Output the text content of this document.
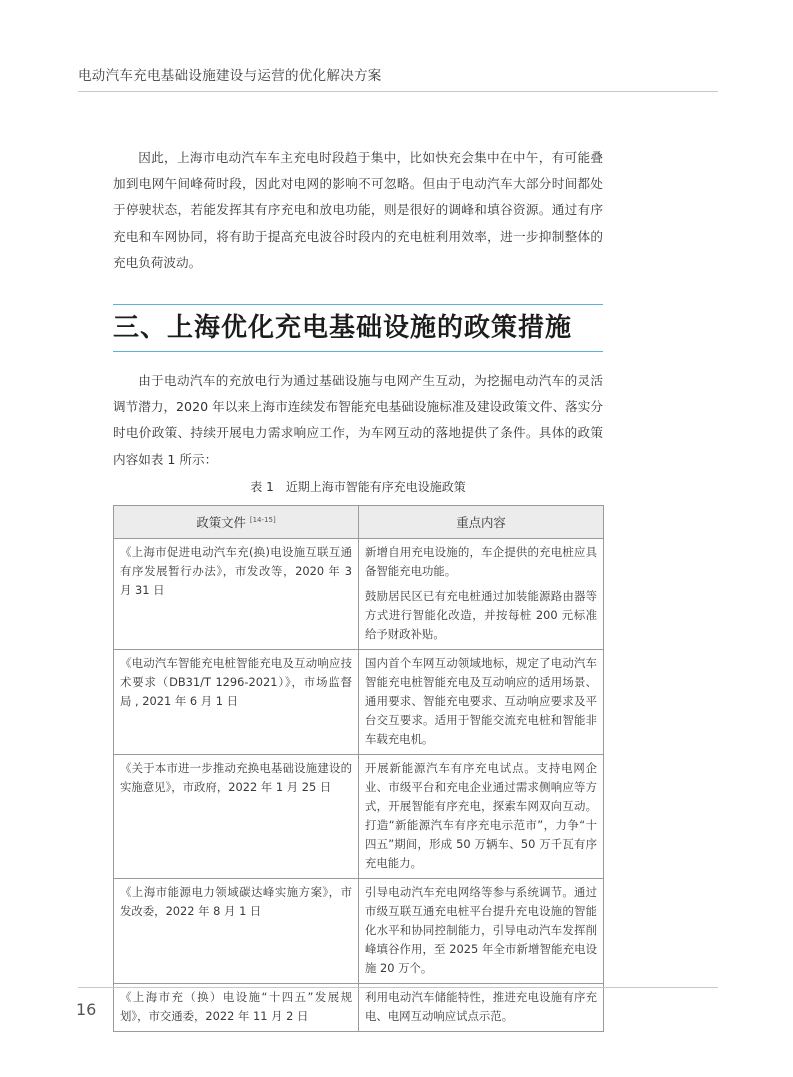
电动汽车充电基础设施建设与运营的优化解决方案

因此，上海市电动汽车车主充电时段趋于集中，比如快充会集中在中午，有可能叠加到电网午间峰荷时段，因此对电网的影响不可忽略。但由于电动汽车大部分时间都处于停驶状态，若能发挥其有序充电和放电功能，则是很好的调峰和填谷资源。通过有序充电和车网协同，将有助于提高充电波谷时段内的充电桩利用效率，进一步抑制整体的充电负荷波动。

三、上海优化充电基础设施的政策措施

由于电动汽车的充放电行为通过基础设施与电网产生互动，为挖掘电动汽车的灵活调节潜力，2020 年以来上海市连续发布智能充电基础设施标准及建设政策文件、落实分时电价政策、持续开展电力需求响应工作，为车网互动的落地提供了条件。具体的政策内容如表 1 所示：

表 1　近期上海市智能有序充电设施政策
政策文件 [14-15]	重点内容
《上海市促进电动汽车充(换)电设施互联互通有序发展暂行办法》，市发改等，2020 年 3 月 31 日	新增自用充电设施的，车企提供的充电桩应具备智能充电功能。

鼓励居民区已有充电桩通过加装能源路由器等方式进行智能化改造，并按每桩 200 元标准给予财政补贴。

《电动汽车智能充电桩智能充电及互动响应技术要求（DB31/T 1296-2021）》，市场监督局 , 2021 年 6 月 1 日	国内首个车网互动领域地标，规定了电动汽车智能充电桩智能充电及互动响应的适用场景、通用要求、智能充电要求、互动响应要求及平台交互要求。适用于智能交流充电桩和智能非车载充电机。

《关于本市进一步推动充换电基础设施建设的实施意见》，市政府，2022 年 1 月 25 日	开展新能源汽车有序充电试点。支持电网企业、市级平台和充电企业通过需求侧响应等方式，开展智能有序充电，探索车网双向互动。打造“新能源汽车有序充电示范市”，力争“十四五”期间，形成 50 万辆车、50 万千瓦有序充电能力。

《上海市能源电力领域碳达峰实施方案》，市发改委，2022 年 8 月 1 日	引导电动汽车充电网络等参与系统调节。通过市级互联互通充电桩平台提升充电设施的智能化水平和协同控制能力，引导电动汽车发挥削峰填谷作用，至 2025 年全市新增智能充电设施 20 万个。

《上海市充（换）电设施“十四五”发展规划》，市交通委，2022 年 11 月 2 日	利用电动汽车储能特性，推进充电设施有序充电、电网互动响应试点示范。

16
